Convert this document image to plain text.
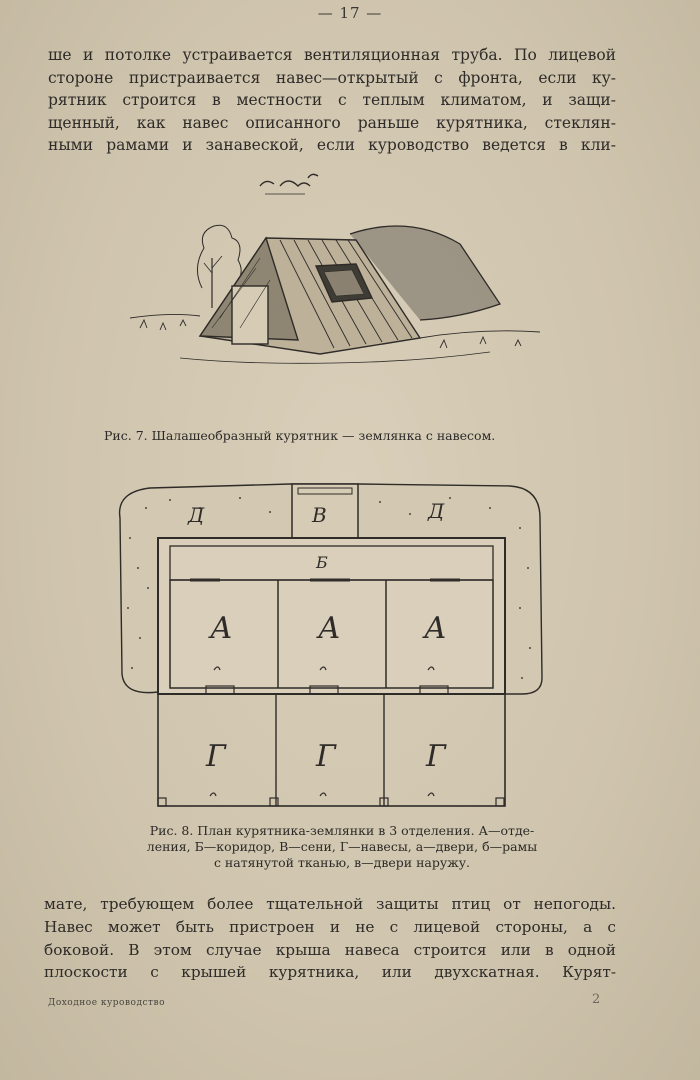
— 17 —
ше и потолке устраивается вентиляционная труба. По лицевой
стороне пристраивается навес—открытый с фронта, если ку-
рятник строится в местности с теплым климатом, и защи-
щенный, как навес описанного раньше курятника, стеклян-
ными рамами и занавеской, если куроводство ведется в кли-
Рис. 7. Шалашеобразный курятник — землянка с навесом.
Д	В	Д
Б
А	А	А
Г	Г	Г
Рис. 8. План курятника-землянки в 3 отделения. А—отде-
ления, Б—коридор, В—сени, Г—навесы, а—двери, б—рамы
с натянутой тканью, в—двери наружу.
мате, требующем более тщательной защиты птиц от непогоды.
Навес может быть пристроен и не с лицевой стороны, а с
боковой. В этом случае крыша навеса строится или в одной
плоскости с крышей курятника, или двухскатная. Курят-
Доходное куроводство	2
